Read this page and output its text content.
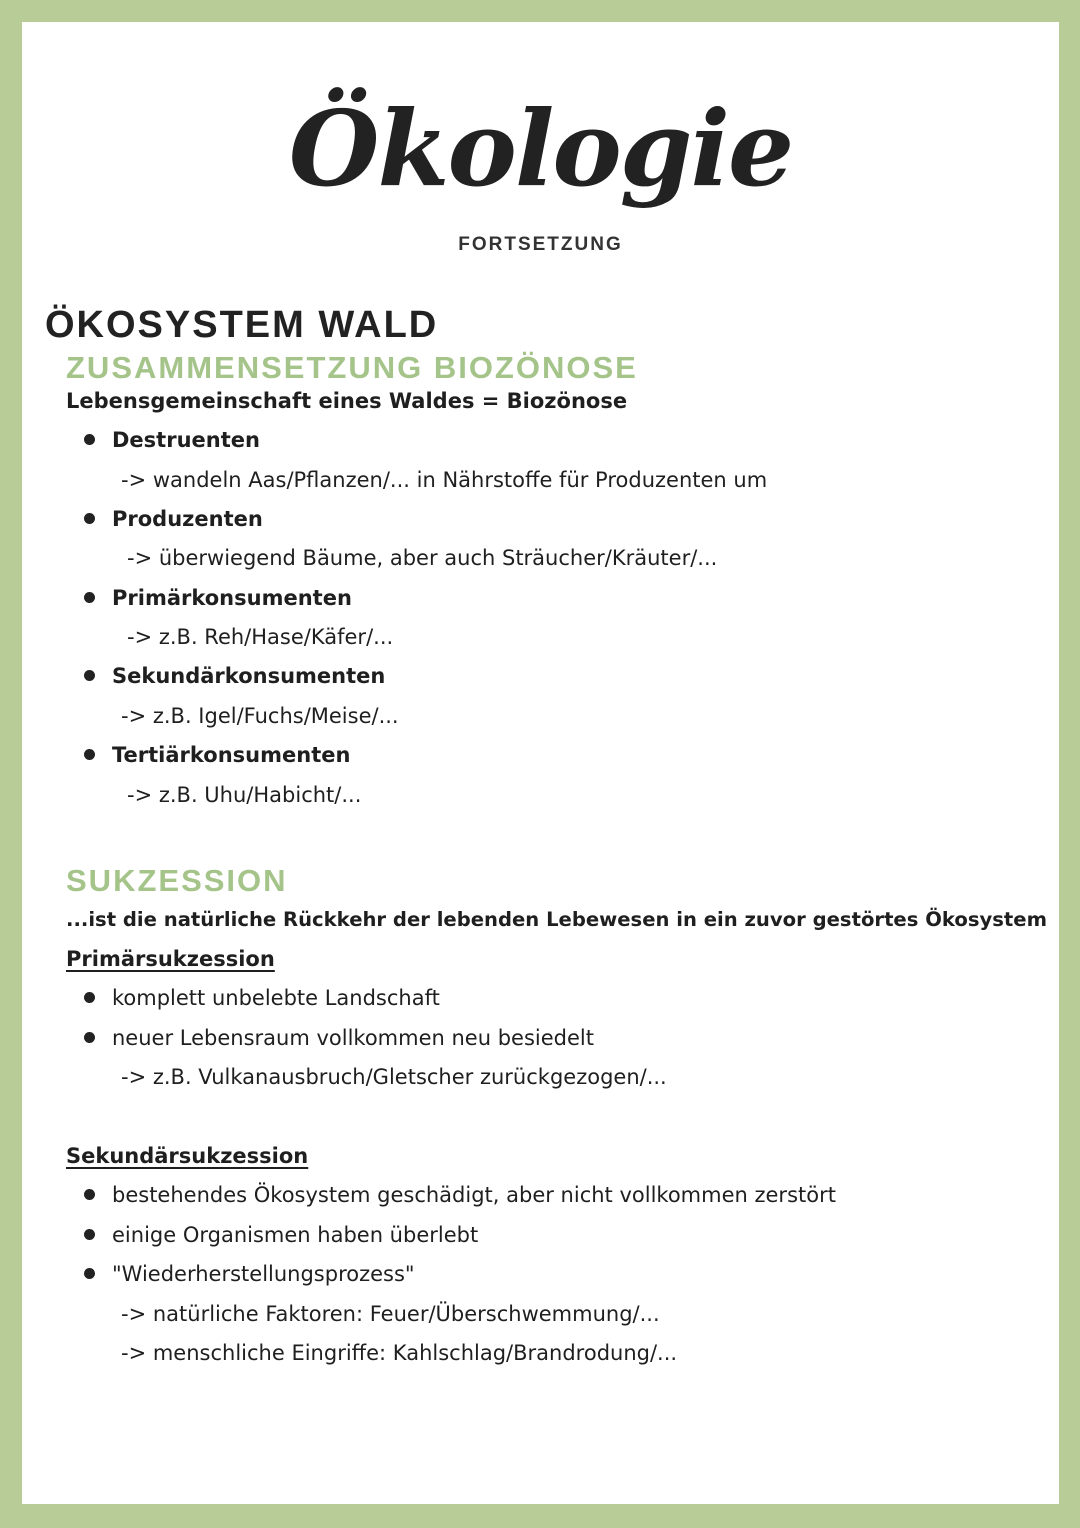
Ökologie
FORTSETZUNG
ÖKOSYSTEM WALD
ZUSAMMENSETZUNG BIOZÖNOSE
Lebensgemeinschaft eines Waldes = Biozönose
Destruenten
-> wandeln Aas/Pflanzen/... in Nährstoffe für Produzenten um
Produzenten
-> überwiegend Bäume, aber auch Sträucher/Kräuter/...
Primärkonsumenten
-> z.B. Reh/Hase/Käfer/...
Sekundärkonsumenten
-> z.B. Igel/Fuchs/Meise/...
Tertiärkonsumenten
-> z.B. Uhu/Habicht/...
SUKZESSION
...ist die natürliche Rückkehr der lebenden Lebewesen in ein zuvor gestörtes Ökosystem
Primärsukzession
komplett unbelebte Landschaft
neuer Lebensraum vollkommen neu besiedelt
-> z.B. Vulkanausbruch/Gletscher zurückgezogen/...
Sekundärsukzession
bestehendes Ökosystem geschädigt, aber nicht vollkommen zerstört
einige Organismen haben überlebt
"Wiederherstellungsprozess"
-> natürliche Faktoren: Feuer/Überschwemmung/...
-> menschliche Eingriffe: Kahlschlag/Brandrodung/...
